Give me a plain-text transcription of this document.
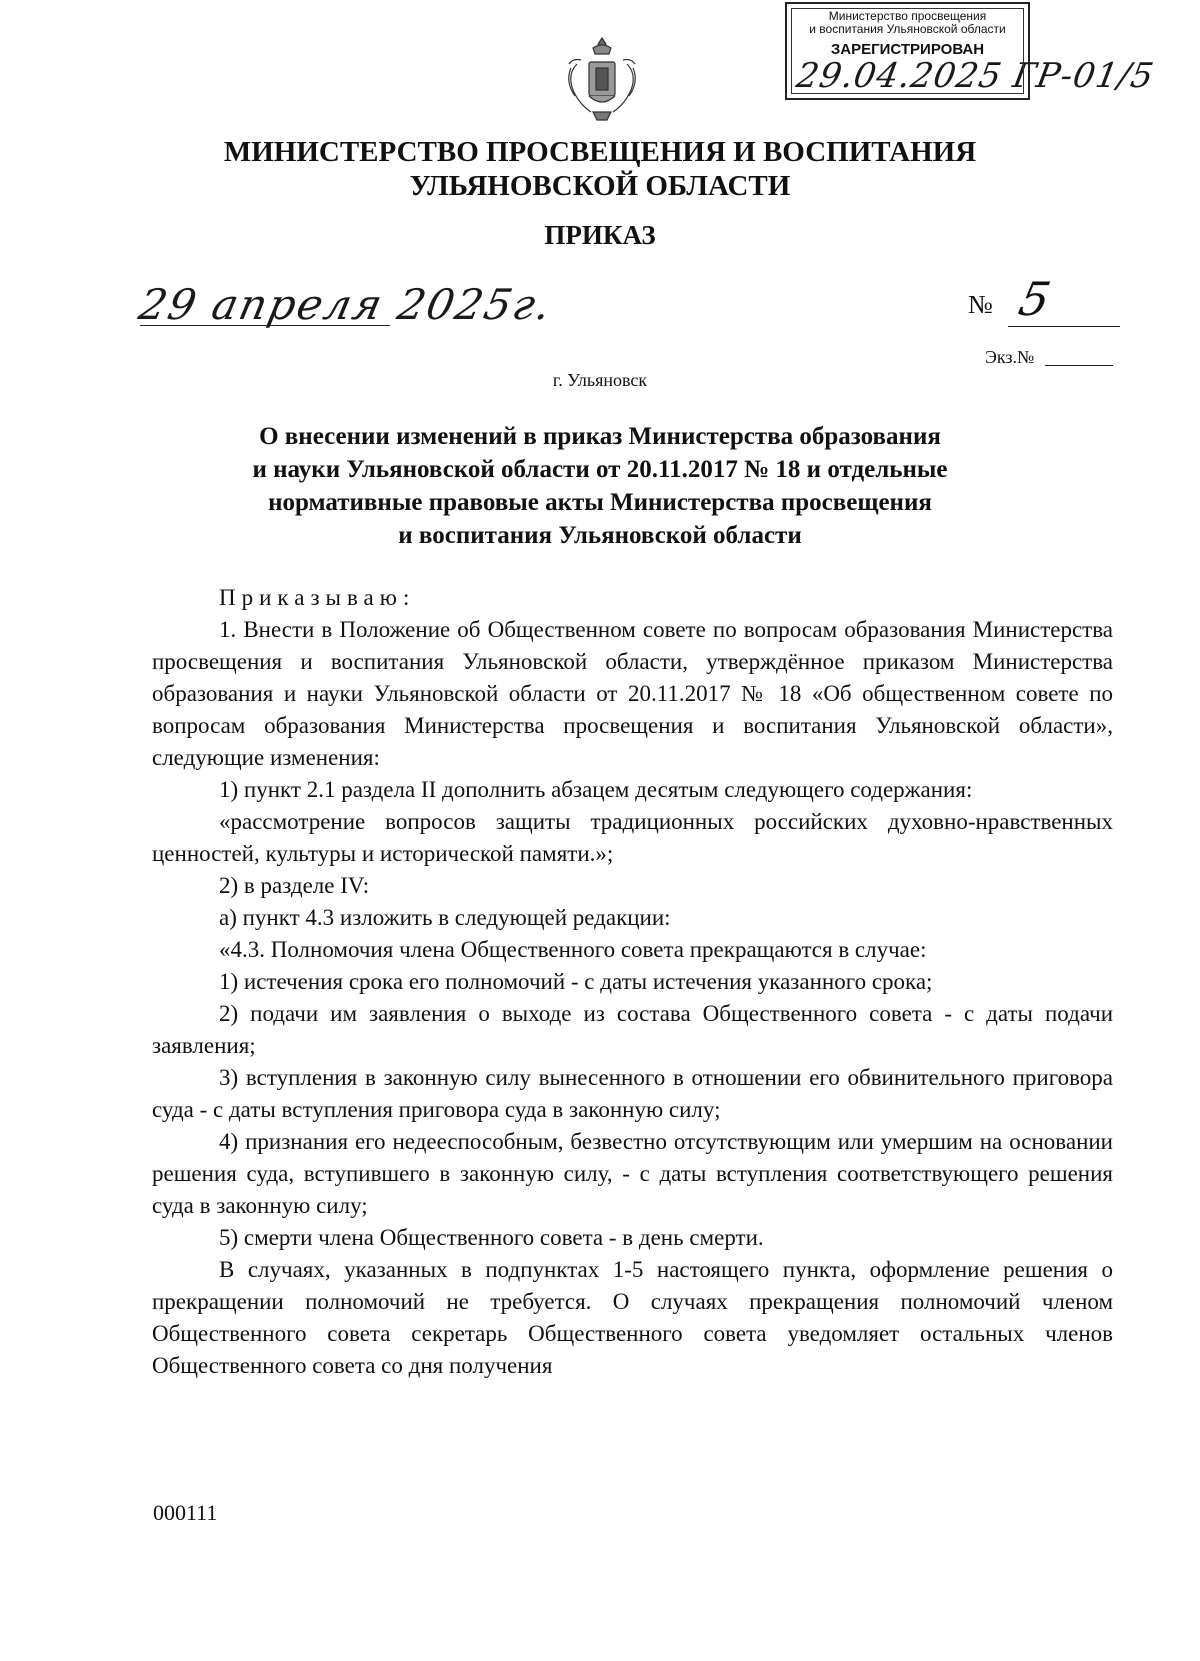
Министерство просвещения
и воспитания Ульяновской области
ЗАРЕГИСТРИРОВАН
29.04.2025 ГР-01/5
МИНИСТЕРСТВО ПРОСВЕЩЕНИЯ И ВОСПИТАНИЯ
УЛЬЯНОВСКОЙ ОБЛАСТИ
ПРИКАЗ
29 апреля 2025г.	№ 5
Экз.№
г. Ульяновск
О внесении изменений в приказ Министерства образования
и науки Ульяновской области от 20.11.2017 № 18 и отдельные
нормативные правовые акты Министерства просвещения
и воспитания Ульяновской области

Приказываю:

1. Внести в Положение об Общественном совете по вопросам образования Министерства просвещения и воспитания Ульяновской области, утверждённое приказом Министерства образования и науки Ульяновской области от 20.11.2017 № 18 «Об общественном совете по вопросам образования Министерства просвещения и воспитания Ульяновской области», следующие изменения:

1) пункт 2.1 раздела II дополнить абзацем десятым следующего содержания:

«рассмотрение вопросов защиты традиционных российских духовно-нравственных ценностей, культуры и исторической памяти.»;

2) в разделе IV:

а) пункт 4.3 изложить в следующей редакции:

«4.3. Полномочия члена Общественного совета прекращаются в случае:

1) истечения срока его полномочий - с даты истечения указанного срока;

2) подачи им заявления о выходе из состава Общественного совета - с даты подачи заявления;

3) вступления в законную силу вынесенного в отношении его обвинительного приговора суда - с даты вступления приговора суда в законную силу;

4) признания его недееспособным, безвестно отсутствующим или умершим на основании решения суда, вступившего в законную силу, - с даты вступления соответствующего решения суда в законную силу;

5) смерти члена Общественного совета - в день смерти.

В случаях, указанных в подпунктах 1-5 настоящего пункта, оформление решения о прекращении полномочий не требуется. О случаях прекращения полномочий членом Общественного совета секретарь Общественного совета уведомляет остальных членов Общественного совета со дня получения

000111
